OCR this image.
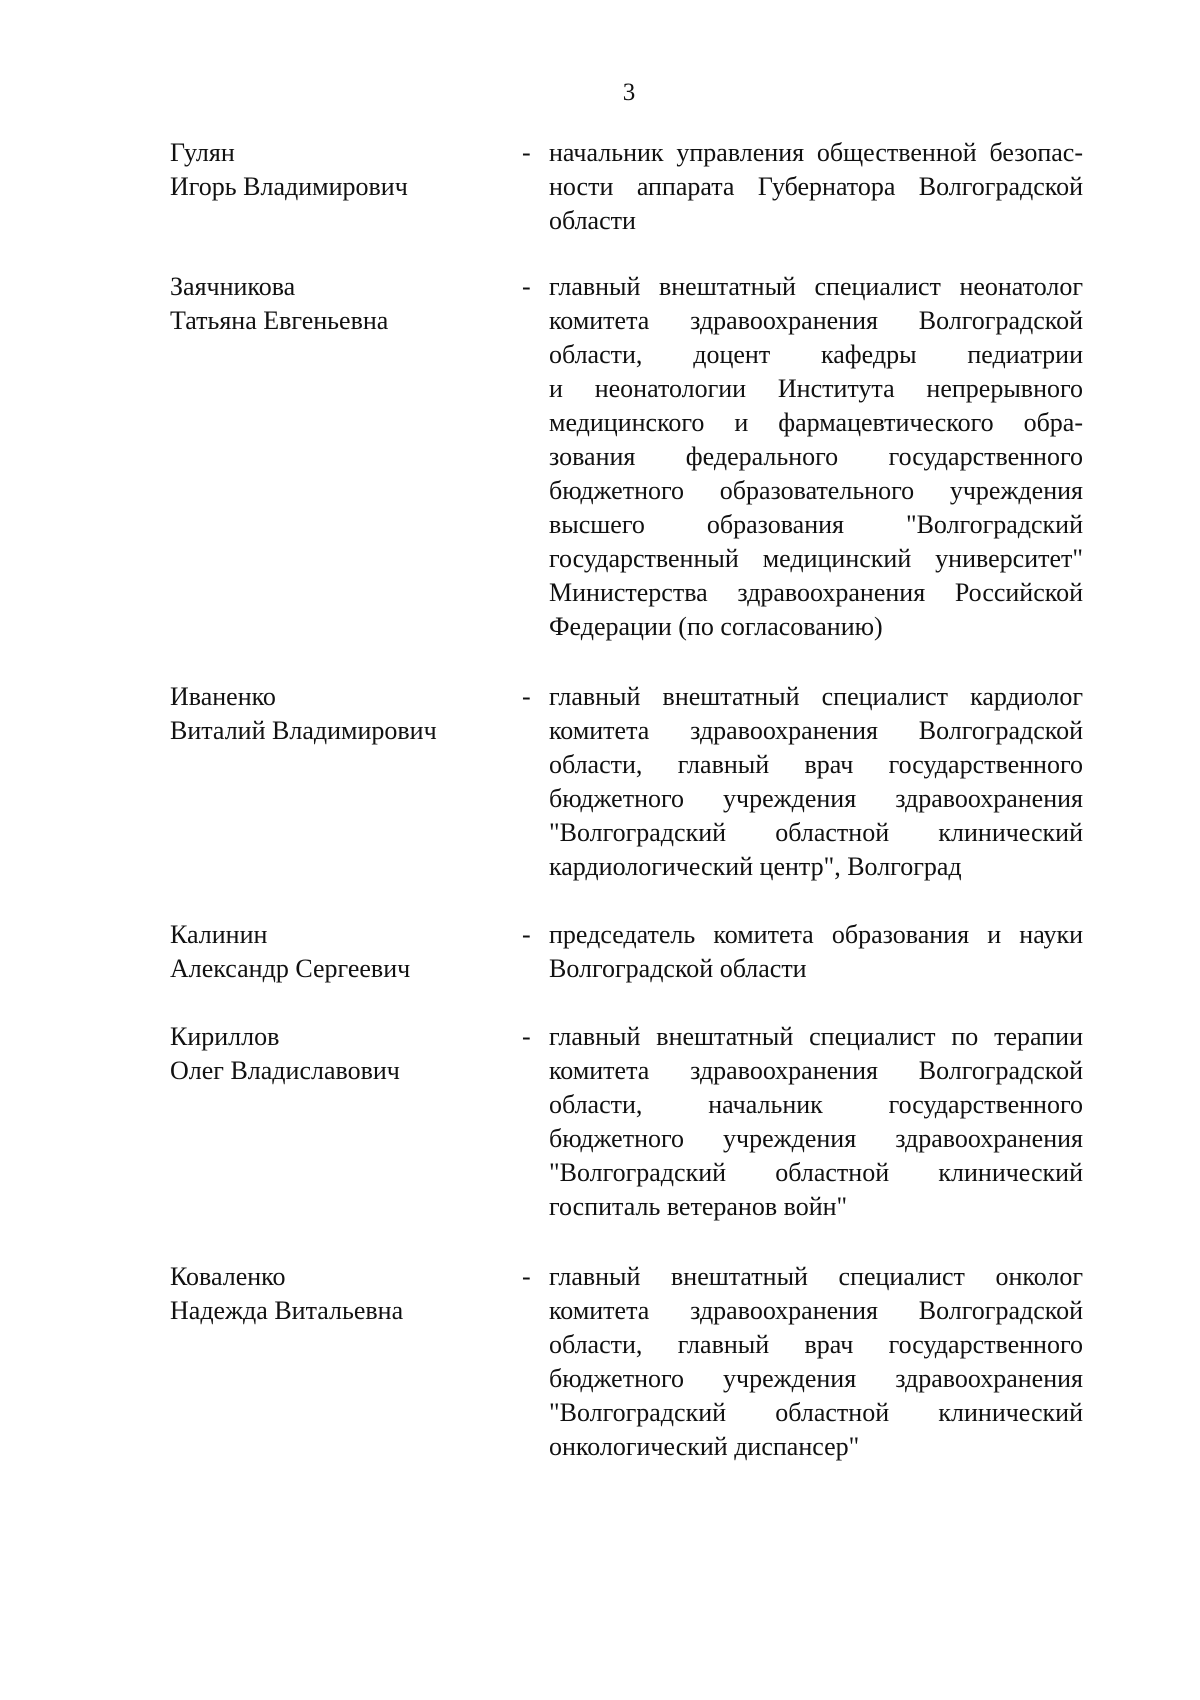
3
Гулян
Игорь Владимирович
- начальник управления общественной безопас-
ности аппарата Губернатора Волгоградской
области
Заячникова
Татьяна Евгеньевна
- главный внештатный специалист неонатолог
комитета здравоохранения Волгоградской
области, доцент кафедры педиатрии
и неонатологии Института непрерывного
медицинского и фармацевтического обра-
зования федерального государственного
бюджетного образовательного учреждения
высшего образования "Волгоградский
государственный медицинский университет"
Министерства здравоохранения Российской
Федерации (по согласованию)
Иваненко
Виталий Владимирович
- главный внештатный специалист кардиолог
комитета здравоохранения Волгоградской
области, главный врач государственного
бюджетного учреждения здравоохранения
"Волгоградский областной клинический
кардиологический центр", Волгоград
Калинин
Александр Сергеевич
- председатель комитета образования и науки
Волгоградской области
Кириллов
Олег Владиславович
- главный внештатный специалист по терапии
комитета здравоохранения Волгоградской
области, начальник государственного
бюджетного учреждения здравоохранения
"Волгоградский областной клинический
госпиталь ветеранов войн"
Коваленко
Надежда Витальевна
- главный внештатный специалист онколог
комитета здравоохранения Волгоградской
области, главный врач государственного
бюджетного учреждения здравоохранения
"Волгоградский областной клинический
онкологический диспансер"
